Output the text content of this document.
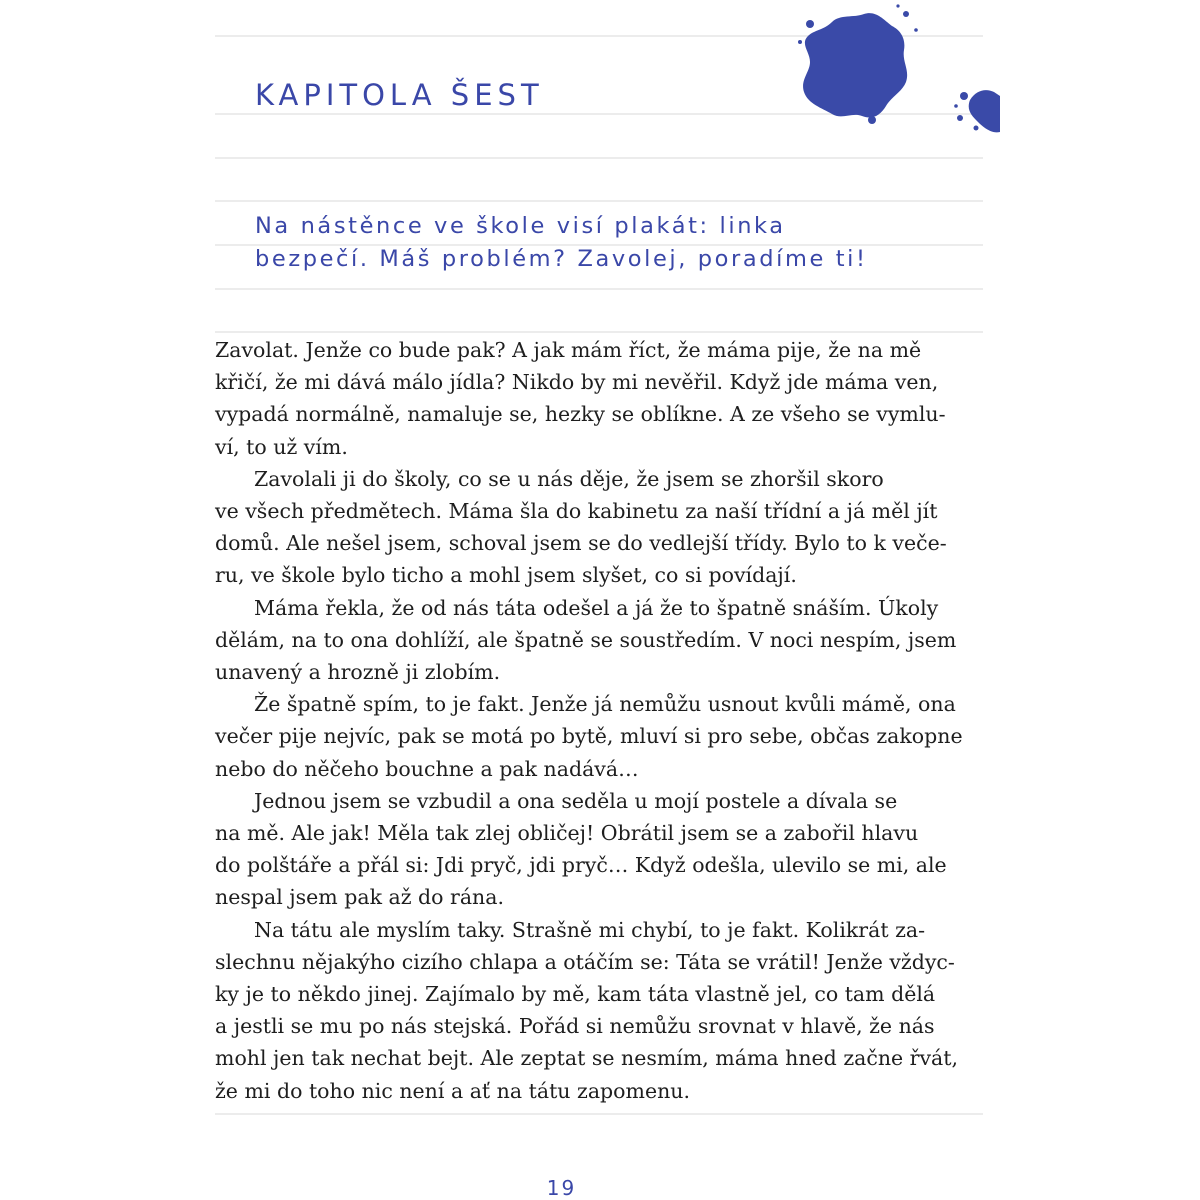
KAPITOLA ŠEST

Na nástěnce ve škole visí plakát: linka
bezpečí. Máš problém? Zavolej, poradíme ti!

Zavolat. Jenže co bude pak? A jak mám říct, že máma pije, že na mě
křičí, že mi dává málo jídla? Nikdo by mi nevěřil. Když jde máma ven,
vypadá normálně, namaluje se, hezky se oblíkne. A ze všeho se vymlu-
ví, to už vím.

Zavolali ji do školy, co se u nás děje, že jsem se zhoršil skoro
ve všech předmětech. Máma šla do kabinetu za naší třídní a já měl jít
domů. Ale nešel jsem, schoval jsem se do vedlejší třídy. Bylo to k veče-
ru, ve škole bylo ticho a mohl jsem slyšet, co si povídají.

Máma řekla, že od nás táta odešel a já že to špatně snáším. Úkoly
dělám, na to ona dohlíží, ale špatně se soustředím. V noci nespím, jsem
unavený a hrozně ji zlobím.

Že špatně spím, to je fakt. Jenže já nemůžu usnout kvůli mámě, ona
večer pije nejvíc, pak se motá po bytě, mluví si pro sebe, občas zakopne
nebo do něčeho bouchne a pak nadává…

Jednou jsem se vzbudil a ona seděla u mojí postele a dívala se
na mě. Ale jak! Měla tak zlej obličej! Obrátil jsem se a zabořil hlavu
do polštáře a přál si: Jdi pryč, jdi pryč… Když odešla, ulevilo se mi, ale
nespal jsem pak až do rána.

Na tátu ale myslím taky. Strašně mi chybí, to je fakt. Kolikrát za-
slechnu nějakýho cizího chlapa a otáčím se: Táta se vrátil! Jenže vždyc-
ky je to někdo jinej. Zajímalo by mě, kam táta vlastně jel, co tam dělá
a jestli se mu po nás stejská. Pořád si nemůžu srovnat v hlavě, že nás
mohl jen tak nechat bejt. Ale zeptat se nesmím, máma hned začne řvát,
že mi do toho nic není a ať na tátu zapomenu.

19
